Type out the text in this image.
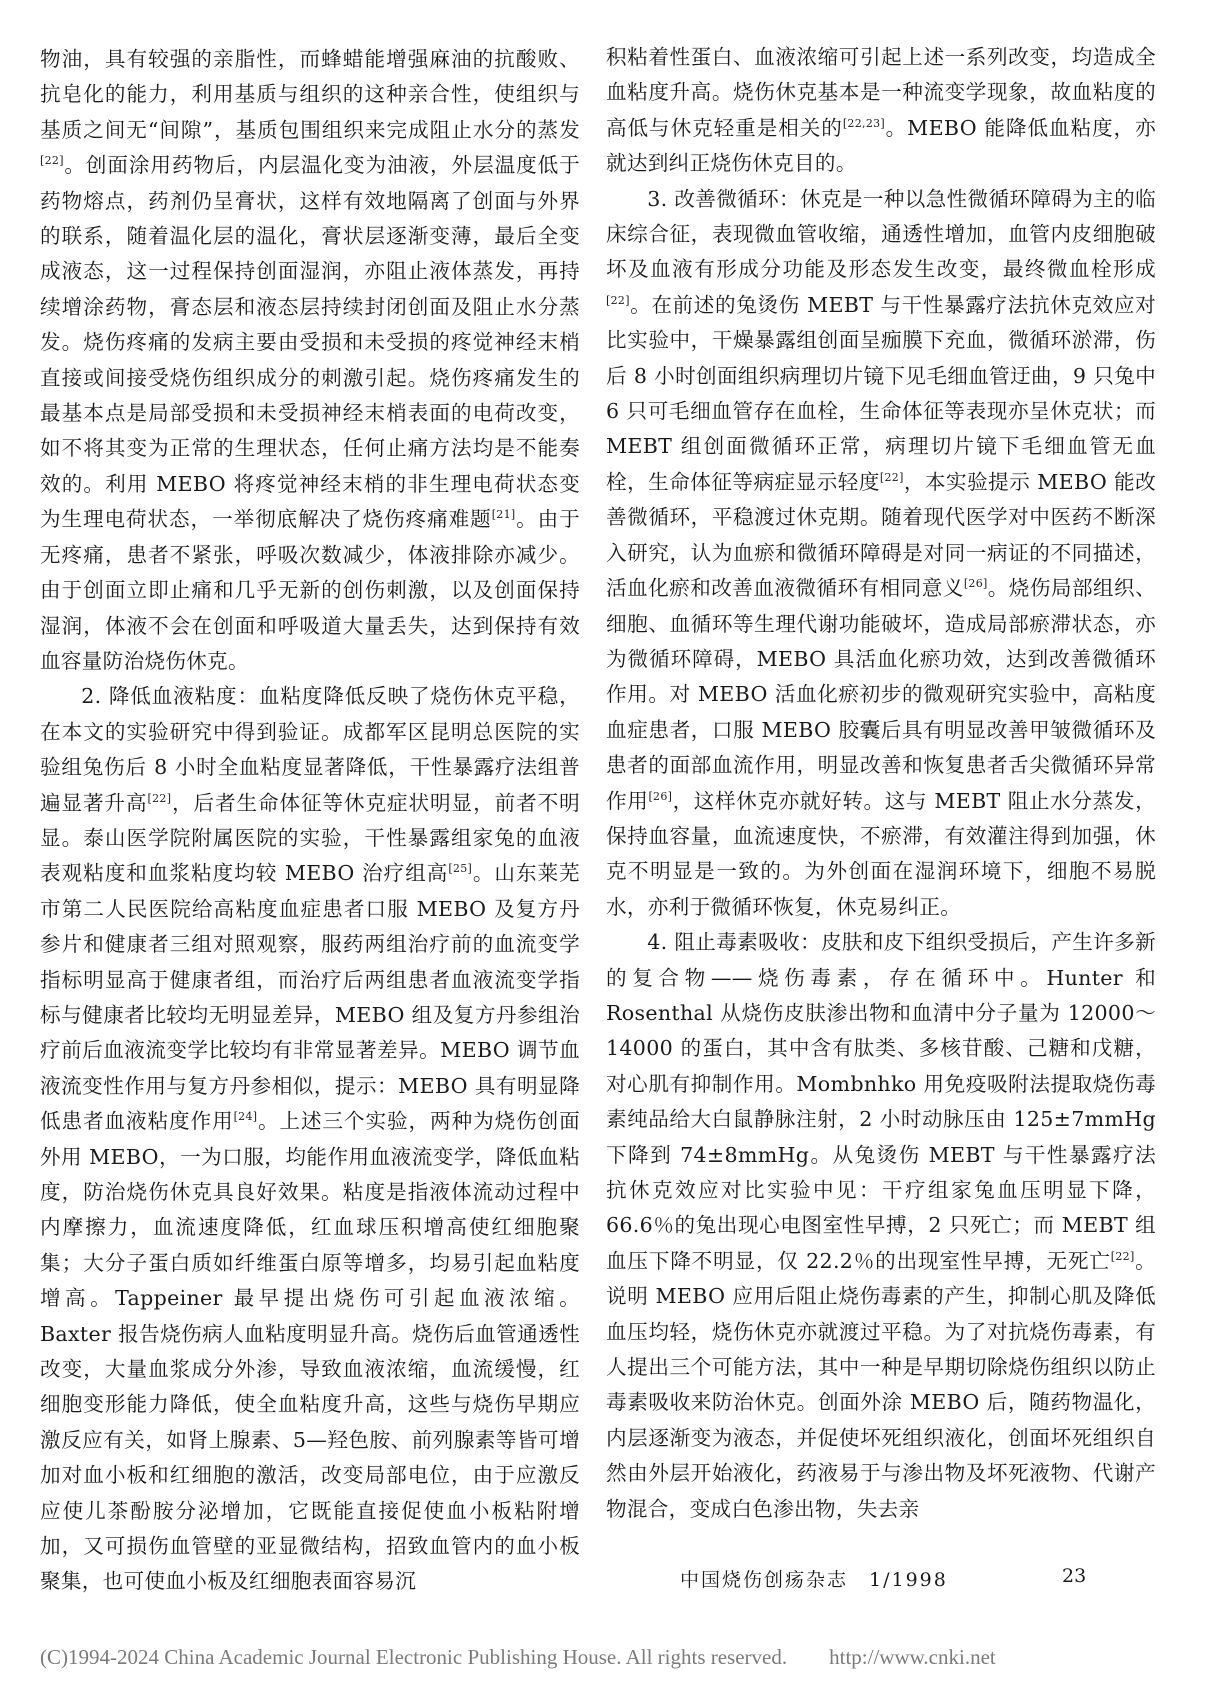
物油，具有较强的亲脂性，而蜂蜡能增强麻油的抗酸败、抗皂化的能力，利用基质与组织的这种亲合性，使组织与基质之间无“间隙”，基质包围组织来完成阻止水分的蒸发[22]。创面涂用药物后，内层温化变为油液，外层温度低于药物熔点，药剂仍呈膏状，这样有效地隔离了创面与外界的联系，随着温化层的温化，膏状层逐渐变薄，最后全变成液态，这一过程保持创面湿润，亦阻止液体蒸发，再持续增涂药物，膏态层和液态层持续封闭创面及阻止水分蒸发。烧伤疼痛的发病主要由受损和未受损的疼觉神经末梢直接或间接受烧伤组织成分的刺激引起。烧伤疼痛发生的最基本点是局部受损和未受损神经末梢表面的电荷改变，如不将其变为正常的生理状态，任何止痛方法均是不能奏效的。利用 MEBO 将疼觉神经末梢的非生理电荷状态变为生理电荷状态，一举彻底解决了烧伤疼痛难题[21]。由于无疼痛，患者不紧张，呼吸次数减少，体液排除亦减少。由于创面立即止痛和几乎无新的创伤刺激，以及创面保持湿润，体液不会在创面和呼吸道大量丢失，达到保持有效血容量防治烧伤休克。

2. 降低血液粘度：血粘度降低反映了烧伤休克平稳，在本文的实验研究中得到验证。成都军区昆明总医院的实验组兔伤后 8 小时全血粘度显著降低，干性暴露疗法组普遍显著升高[22]，后者生命体征等休克症状明显，前者不明显。泰山医学院附属医院的实验，干性暴露组家兔的血液表观粘度和血浆粘度均较 MEBO 治疗组高[25]。山东莱芜市第二人民医院给高粘度血症患者口服 MEBO 及复方丹参片和健康者三组对照观察，服药两组治疗前的血流变学指标明显高于健康者组，而治疗后两组患者血液流变学指标与健康者比较均无明显差异，MEBO 组及复方丹参组治疗前后血液流变学比较均有非常显著差异。MEBO 调节血液流变性作用与复方丹参相似，提示：MEBO 具有明显降低患者血液粘度作用[24]。上述三个实验，两种为烧伤创面外用 MEBO，一为口服，均能作用血液流变学，降低血粘度，防治烧伤休克具良好效果。粘度是指液体流动过程中内摩擦力，血流速度降低，红血球压积增高使红细胞聚集；大分子蛋白质如纤维蛋白原等增多，均易引起血粘度增高。Tappeiner 最早提出烧伤可引起血液浓缩。Baxter 报告烧伤病人血粘度明显升高。烧伤后血管通透性改变，大量血浆成分外渗，导致血液浓缩，血流缓慢，红细胞变形能力降低，使全血粘度升高，这些与烧伤早期应激反应有关，如肾上腺素、5—羟色胺、前列腺素等皆可增加对血小板和红细胞的激活，改变局部电位，由于应激反应使儿茶酚胺分泌增加，它既能直接促使血小板粘附增加，又可损伤血管壁的亚显微结构，招致血管内的血小板聚集，也可使血小板及红细胞表面容易沉

积粘着性蛋白、血液浓缩可引起上述一系列改变，均造成全血粘度升高。烧伤休克基本是一种流变学现象，故血粘度的高低与休克轻重是相关的[22,23]。MEBO 能降低血粘度，亦就达到纠正烧伤休克目的。

3. 改善微循环：休克是一种以急性微循环障碍为主的临床综合征，表现微血管收缩，通透性增加，血管内皮细胞破坏及血液有形成分功能及形态发生改变，最终微血栓形成[22]。在前述的兔烫伤 MEBT 与干性暴露疗法抗休克效应对比实验中，干燥暴露组创面呈痂膜下充血，微循环淤滞，伤后 8 小时创面组织病理切片镜下见毛细血管迂曲，9 只兔中 6 只可毛细血管存在血栓，生命体征等表现亦呈休克状；而 MEBT 组创面微循环正常，病理切片镜下毛细血管无血栓，生命体征等病症显示轻度[22]，本实验提示 MEBO 能改善微循环，平稳渡过休克期。随着现代医学对中医药不断深入研究，认为血瘀和微循环障碍是对同一病证的不同描述，活血化瘀和改善血液微循环有相同意义[26]。烧伤局部组织、细胞、血循环等生理代谢功能破坏，造成局部瘀滞状态，亦为微循环障碍，MEBO 具活血化瘀功效，达到改善微循环作用。对 MEBO 活血化瘀初步的微观研究实验中，高粘度血症患者，口服 MEBO 胶囊后具有明显改善甲皱微循环及患者的面部血流作用，明显改善和恢复患者舌尖微循环异常作用[26]，这样休克亦就好转。这与 MEBT 阻止水分蒸发，保持血容量，血流速度快，不瘀滞，有效灌注得到加强，休克不明显是一致的。为外创面在湿润环境下，细胞不易脱水，亦利于微循环恢复，休克易纠正。

4. 阻止毒素吸收：皮肤和皮下组织受损后，产生许多新的复合物——烧伤毒素，存在循环中。Hunter 和 Rosenthal 从烧伤皮肤渗出物和血清中分子量为 12000～14000 的蛋白，其中含有肽类、多核苷酸、己糖和戊糖，对心肌有抑制作用。Mombnhko 用免疫吸附法提取烧伤毒素纯品给大白鼠静脉注射，2 小时动脉压由 125±7mmHg 下降到 74±8mmHg。从兔烫伤 MEBT 与干性暴露疗法抗休克效应对比实验中见：干疗组家兔血压明显下降，66.6％的兔出现心电图室性早搏，2 只死亡；而 MEBT 组血压下降不明显，仅 22.2％的出现室性早搏，无死亡[22]。说明 MEBO 应用后阻止烧伤毒素的产生，抑制心肌及降低血压均轻，烧伤休克亦就渡过平稳。为了对抗烧伤毒素，有人提出三个可能方法，其中一种是早期切除烧伤组织以防止毒素吸收来防治休克。创面外涂 MEBO 后，随药物温化，内层逐渐变为液态，并促使坏死组织液化，创面坏死组织自然由外层开始液化，药液易于与渗出物及坏死液物、代谢产物混合，变成白色渗出物，失去亲

中国烧伤创疡杂志　1/1998	23
(C)1994-2024 China Academic Journal Electronic Publishing House. All rights reserved.　　http://www.cnki.net
